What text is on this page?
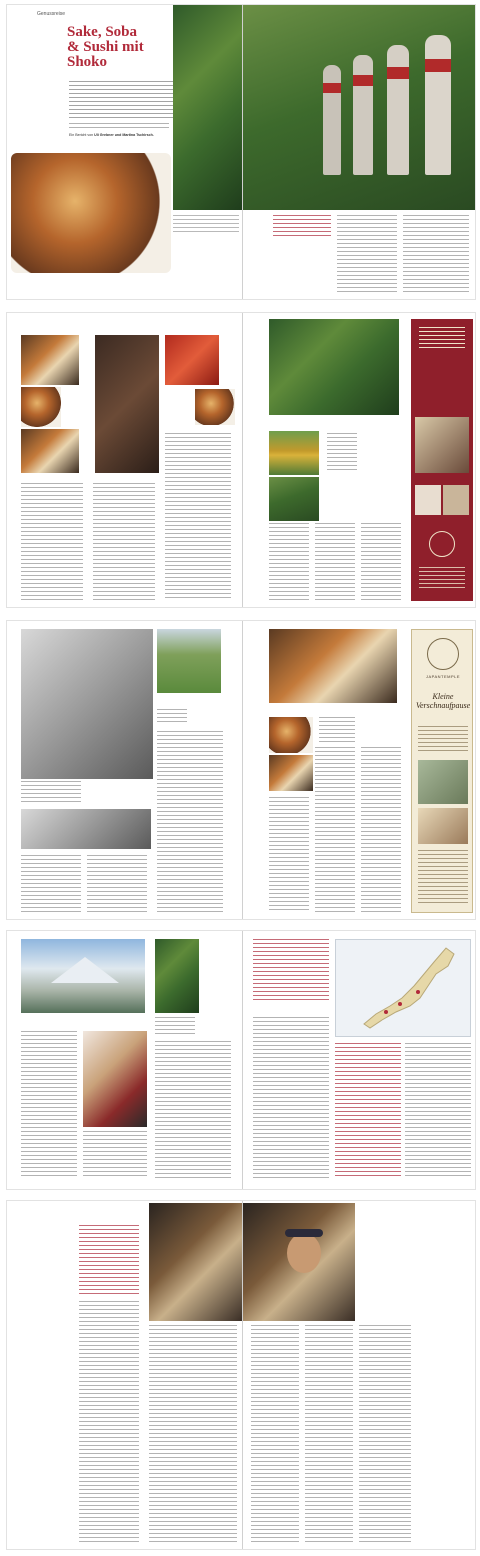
Genussreise
Sake, Soba
& Sushi mit
Shoko
Ein Bericht von Uli Grebner und Martina Tschirsch.
JAPANTEMPLE
Kleine Verschnaufpause
